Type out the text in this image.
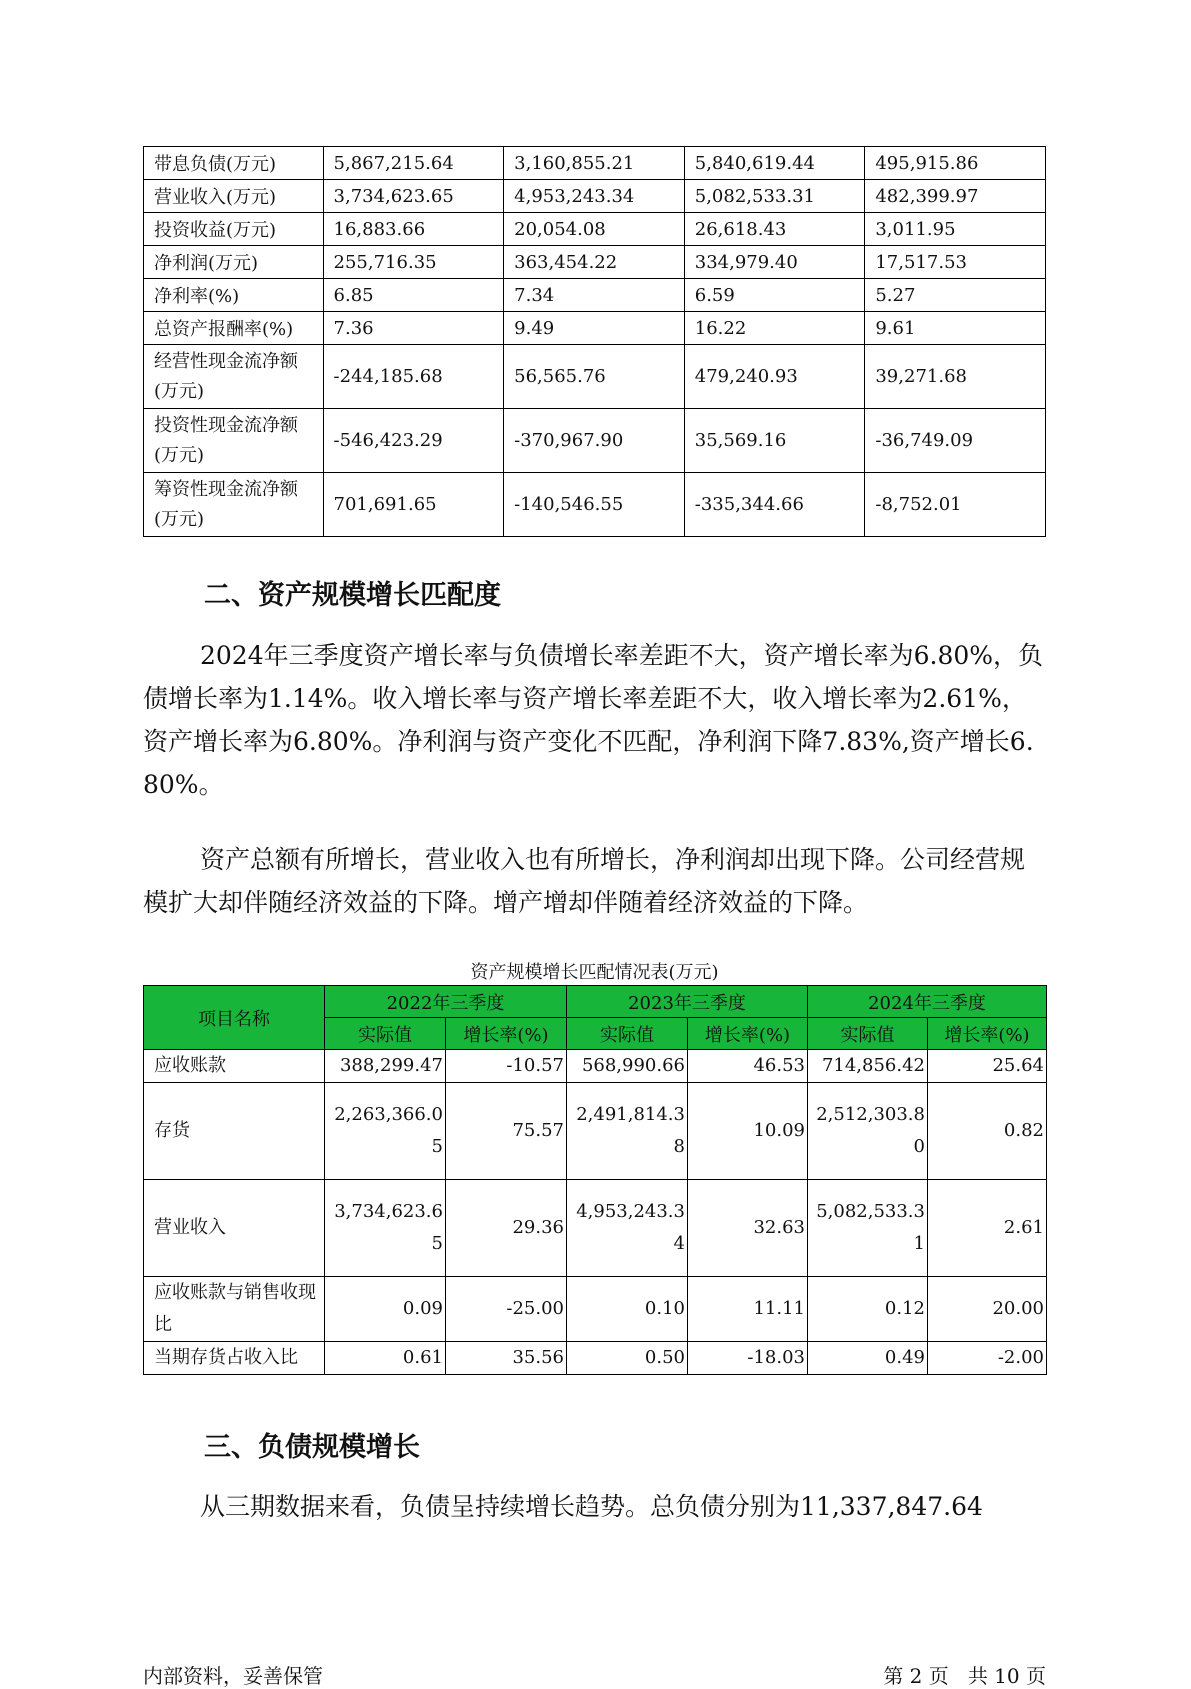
带息负债(万元)	5,867,215.64	3,160,855.21	5,840,619.44	495,915.86
营业收入(万元)	3,734,623.65	4,953,243.34	5,082,533.31	482,399.97
投资收益(万元)	16,883.66	20,054.08	26,618.43	3,011.95
净利润(万元)	255,716.35	363,454.22	334,979.40	17,517.53
净利率(%)	6.85	7.34	6.59	5.27
总资产报酬率(%)	7.36	9.49	16.22	9.61
经营性现金流净额(万元)	-244,185.68	56,565.76	479,240.93	39,271.68
投资性现金流净额(万元)	-546,423.29	-370,967.90	35,569.16	-36,749.09
筹资性现金流净额(万元)	701,691.65	-140,546.55	-335,344.66	-8,752.01
二、资产规模增长匹配度

2024年三季度资产增长率与负债增长率差距不大，资产增长率为6.80%，负债增长率为1.14%。收入增长率与资产增长率差距不大，收入增长率为2.61%，资产增长率为6.80%。净利润与资产变化不匹配，净利润下降7.83%,资产增长6.80%。

资产总额有所增长，营业收入也有所增长，净利润却出现下降。公司经营规模扩大却伴随经济效益的下降。增产增却伴随着经济效益的下降。

资产规模增长匹配情况表(万元)
项目名称	2022年三季度		2023年三季度		2024年三季度	
	实际值	增长率(%)	实际值	增长率(%)	实际值	增长率(%)
应收账款	388,299.47	-10.57	568,990.66	46.53	714,856.42	25.64
存货	2,263,366.05	75.57	2,491,814.38	10.09	2,512,303.80	0.82
营业收入	3,734,623.65	29.36	4,953,243.34	32.63	5,082,533.31	2.61
应收账款与销售收现比	0.09	-25.00	0.10	11.11	0.12	20.00
当期存货占收入比	0.61	35.56	0.50	-18.03	0.49	-2.00
三、负债规模增长

从三期数据来看，负债呈持续增长趋势。总负债分别为11,337,847.64

内部资料，妥善保管	第 2 页   共 10 页
